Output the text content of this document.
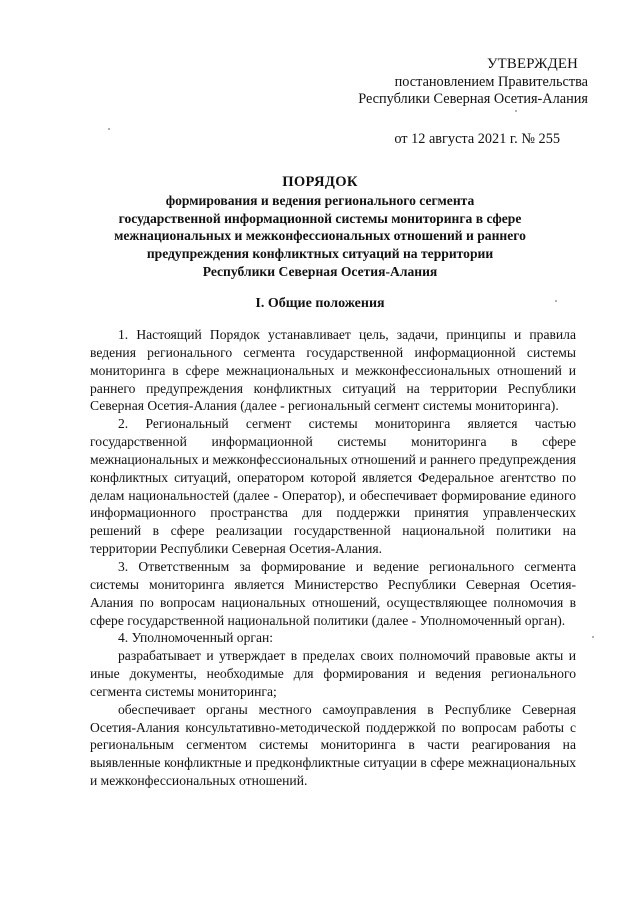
УТВЕРЖДЕН
постановлением Правительства
Республики Северная Осетия-Алания
от 12 августа 2021 г. № 255
ПОРЯДОК
формирования и ведения регионального сегмента
государственной информационной системы мониторинга в сфере
межнациональных и межконфессиональных отношений и раннего
предупреждения конфликтных ситуаций на территории
Республики Северная Осетия-Алания
I. Общие положения

1. Настоящий Порядок устанавливает цель, задачи, принципы и правила ведения регионального сегмента государственной информационной системы мониторинга в сфере межнациональных и межконфессиональных отношений и раннего предупреждения конфликтных ситуаций на территории Республики Северная Осетия-Алания (далее - региональный сегмент системы мониторинга).

2. Региональный сегмент системы мониторинга является частью государственной информационной системы мониторинга в сфере межнациональных и межконфессиональных отношений и раннего предупреждения конфликтных ситуаций, оператором которой является Федеральное агентство по делам национальностей (далее - Оператор), и обеспечивает формирование единого информационного пространства для поддержки принятия управленческих решений в сфере реализации государственной национальной политики на территории Республики Северная Осетия-Алания.

3. Ответственным за формирование и ведение регионального сегмента системы мониторинга является Министерство Республики Северная Осетия-Алания по вопросам национальных отношений, осуществляющее полномочия в сфере государственной национальной политики (далее - Уполномоченный орган).

4. Уполномоченный орган:

разрабатывает и утверждает в пределах своих полномочий правовые акты и иные документы, необходимые для формирования и ведения регионального сегмента системы мониторинга;

обеспечивает органы местного самоуправления в Республике Северная Осетия-Алания консультативно-методической поддержкой по вопросам работы с региональным сегментом системы мониторинга в части реагирования на выявленные конфликтные и предконфликтные ситуации в сфере межнациональных и межконфессиональных отношений.
